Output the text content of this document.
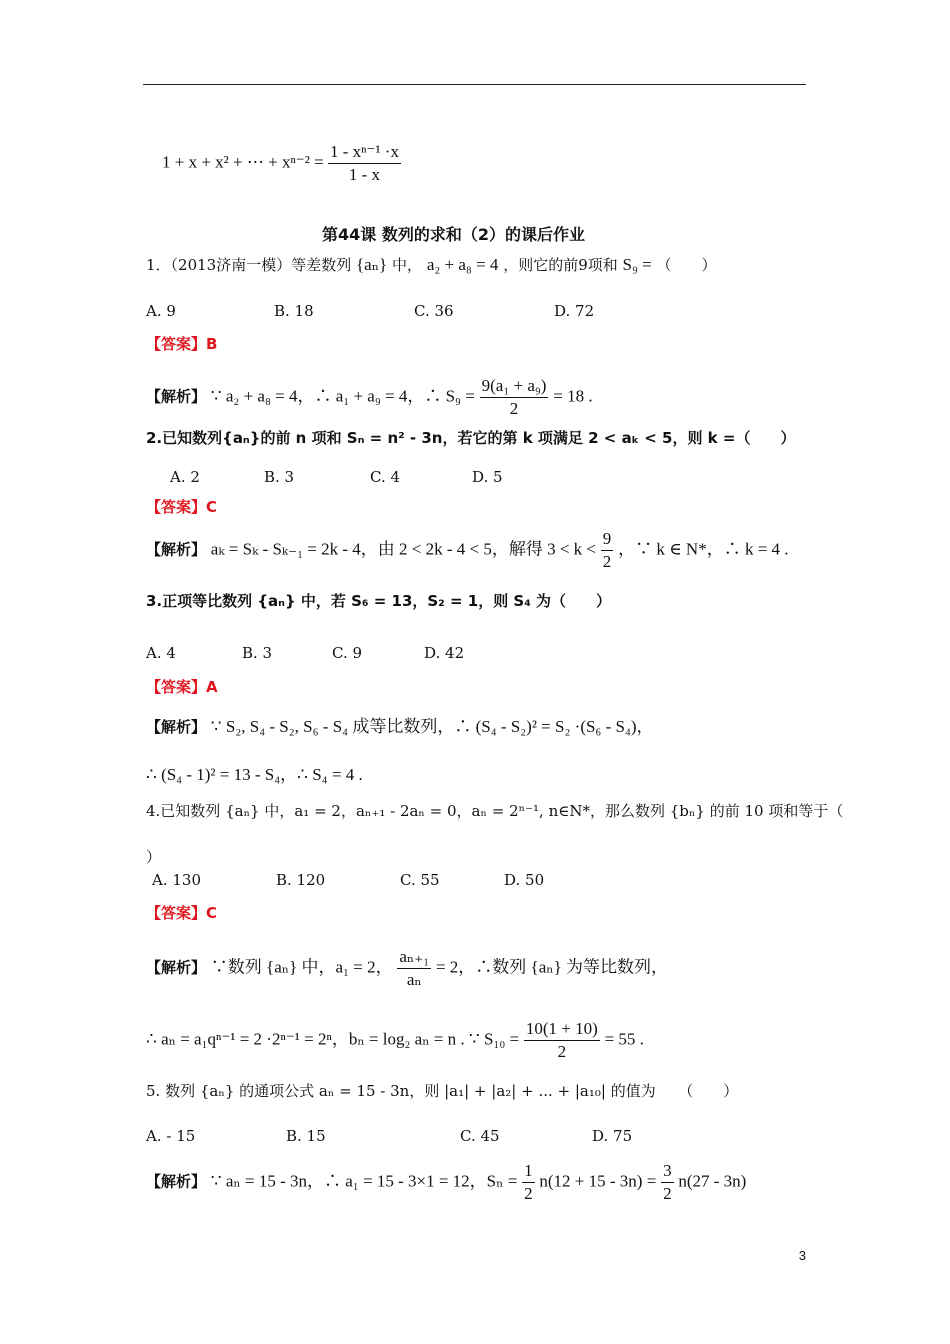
1 + x + x² + ⋯ + $x^{n-2} = \frac{\text{1 - xⁿ⁻¹ ·x}}{1 - x}$
第44课 数列的求和（2）的课后作业
1．（2013济南一模）等差数列 {aₙ} 中， a₂ + a₈ = 4 ，则它的前9项和 S₉ = （　　）
A. 9	B. 18	C. 36	D. 72
【答案】B
【解析】 ∵ a₂ + a₈ = 4，∴ a₁ + a₉ = 4，∴ $S_9 = \frac{\text{9(a₁ + a₉)}}{2} = 18$ .
2.已知数列{aₙ}的前 n 项和 Sₙ = n² - 3n，若它的第 k 项满足 2 < aₖ < 5，则 k =（　　）
A. 2	B. 3	C. 4	D. 5
【答案】C
【解析】 aₖ = Sₖ - Sₖ₋₁ = 2k - 4，由 2 < 2k - 4 < 5，解得 $3 < k < \frac{9}{2}$ ，∵ k ∈ N*，∴ k = 4 .
3.正项等比数列 {aₙ} 中，若 S₆ = 13，S₂ = 1，则 S₄ 为（　　）
A. 4	B. 3	C. 9	D. 42
【答案】A
【解析】 ∵ S₂, S₄ - S₂, S₆ - S₄ 成等比数列，∴ (S₄ - S₂)² = S₂ ·(S₆ - S₄)，
∴ (S₄ - 1)² = 13 - S₄，∴ S₄ = 4 .
4.已知数列 {aₙ} 中，a₁ = 2，aₙ₊₁ - 2aₙ = 0，aₙ = 2ⁿ⁻¹, n∈N*，那么数列 {bₙ} 的前 10 项和等于（
）
A. 130	B. 120	C. 55	D. 50
【答案】C
【解析】 ∵数列 {aₙ} 中，a₁ = 2， $\frac{\text{aₙ₊₁}}{\text{aₙ}} = 2$，∴数列 {aₙ} 为等比数列，
∴ aₙ = a₁qⁿ⁻¹ = 2 ·2ⁿ⁻¹ = 2ⁿ，bₙ = log₂ aₙ = n . ∵ $S_{10} = \frac{10(1 + 10)}{2} = 55$ .
5. 数列 {aₙ} 的通项公式 aₙ = 15 - 3n，则 |a₁| + |a₂| + ... + |a₁₀| 的值为　　（　　）
A. - 15	B. 15	C. 45	D. 75
【解析】 ∵ aₙ = 15 - 3n，∴ a₁ = 15 - 3×1 = 12，$S_n = \frac{1}{2} n(12 + 15 - 3n) = \frac{3}{2} n(27 - 3n)$
3
